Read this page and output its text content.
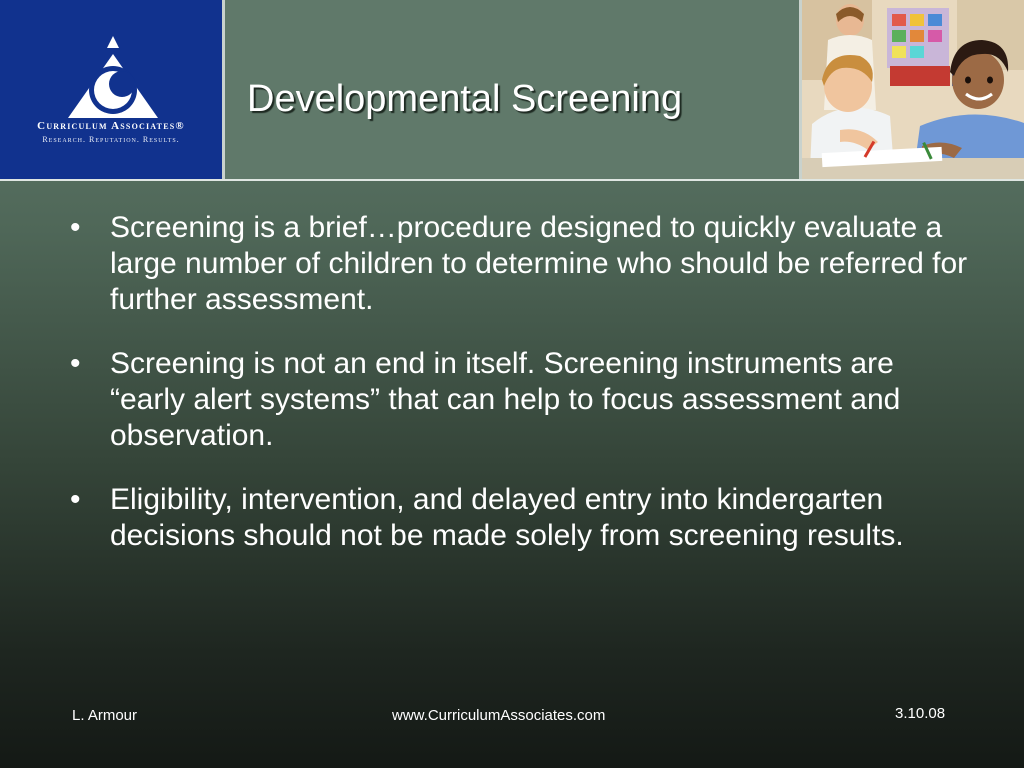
Curriculum Associates®
Research. Reputation. Results.
Developmental Screening
• Screening is a brief…procedure designed to quickly evaluate a large number of children to determine who should be referred for further assessment.
• Screening is not an end in itself. Screening instruments are “early alert systems” that can help to focus assessment and observation.
• Eligibility, intervention, and delayed entry into kindergarten decisions should not be made solely from screening results.
L. Armour	www.CurriculumAssociates.com	3.10.08
